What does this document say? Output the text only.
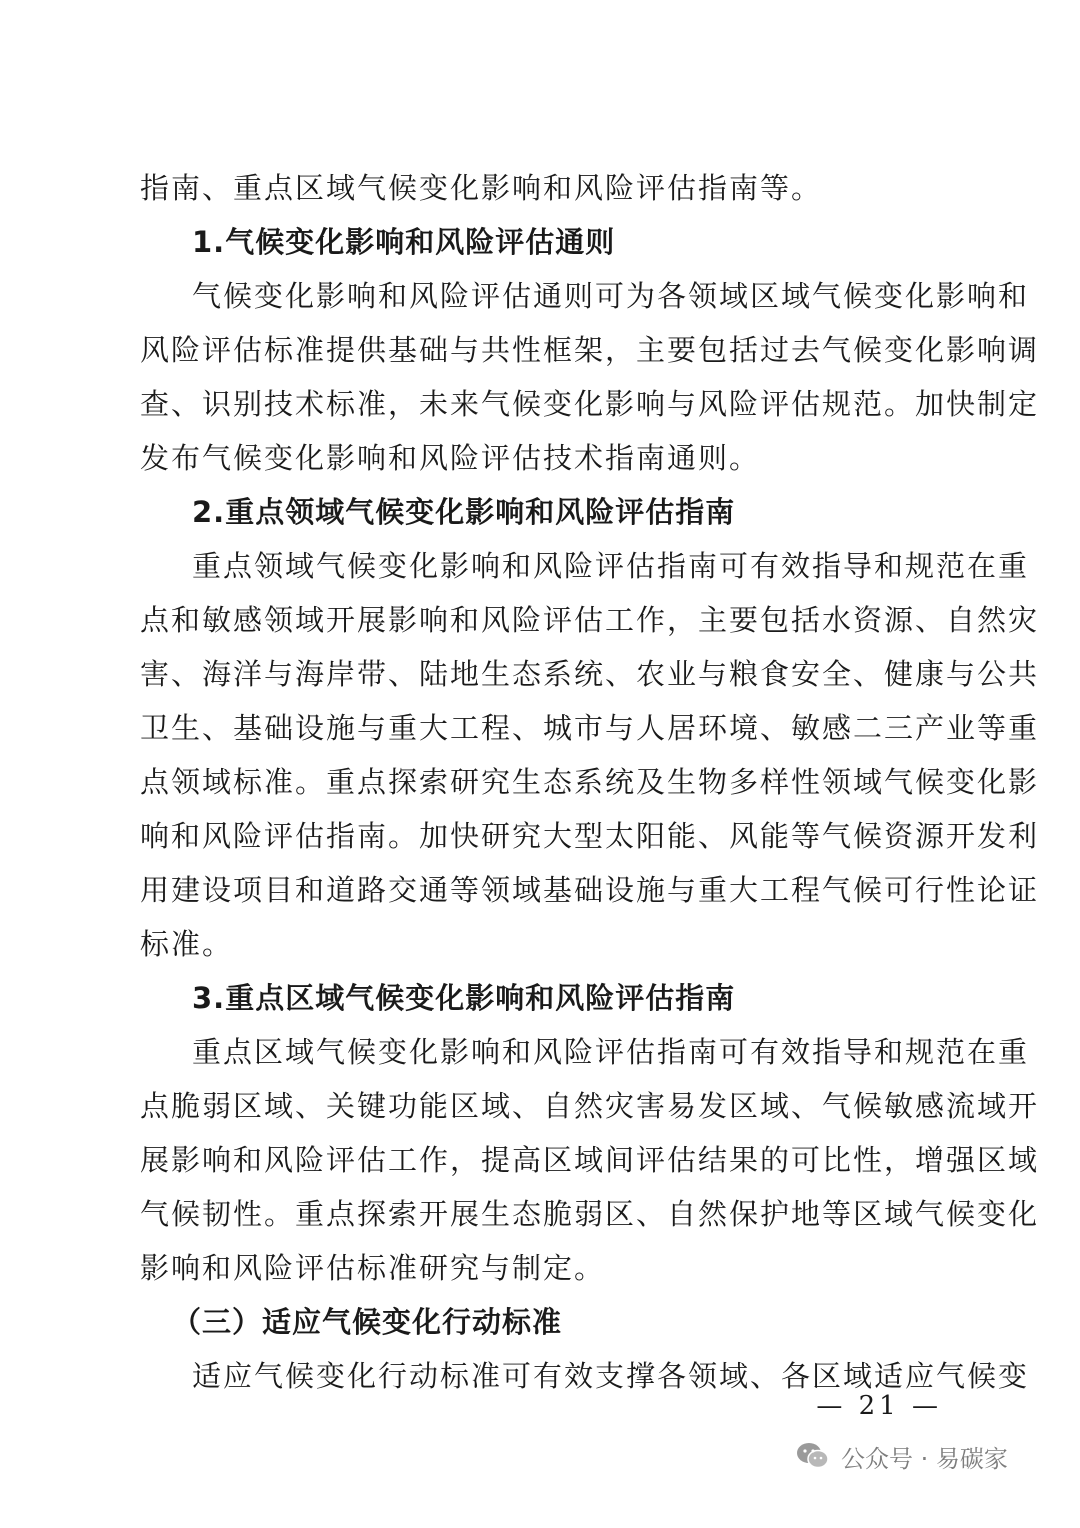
指南、重点区域气候变化影响和风险评估指南等。
1.气候变化影响和风险评估通则
气候变化影响和风险评估通则可为各领域区域气候变化影响和
风险评估标准提供基础与共性框架，主要包括过去气候变化影响调
查、识别技术标准，未来气候变化影响与风险评估规范。加快制定
发布气候变化影响和风险评估技术指南通则。
2.重点领域气候变化影响和风险评估指南
重点领域气候变化影响和风险评估指南可有效指导和规范在重
点和敏感领域开展影响和风险评估工作，主要包括水资源、自然灾
害、海洋与海岸带、陆地生态系统、农业与粮食安全、健康与公共
卫生、基础设施与重大工程、城市与人居环境、敏感二三产业等重
点领域标准。重点探索研究生态系统及生物多样性领域气候变化影
响和风险评估指南。加快研究大型太阳能、风能等气候资源开发利
用建设项目和道路交通等领域基础设施与重大工程气候可行性论证
标准。
3.重点区域气候变化影响和风险评估指南
重点区域气候变化影响和风险评估指南可有效指导和规范在重
点脆弱区域、关键功能区域、自然灾害易发区域、气候敏感流域开
展影响和风险评估工作，提高区域间评估结果的可比性，增强区域
气候韧性。重点探索开展生态脆弱区、自然保护地等区域气候变化
影响和风险评估标准研究与制定。
（三）适应气候变化行动标准
适应气候变化行动标准可有效支撑各领域、各区域适应气候变
— 21 —
公众号 · 易碳家
